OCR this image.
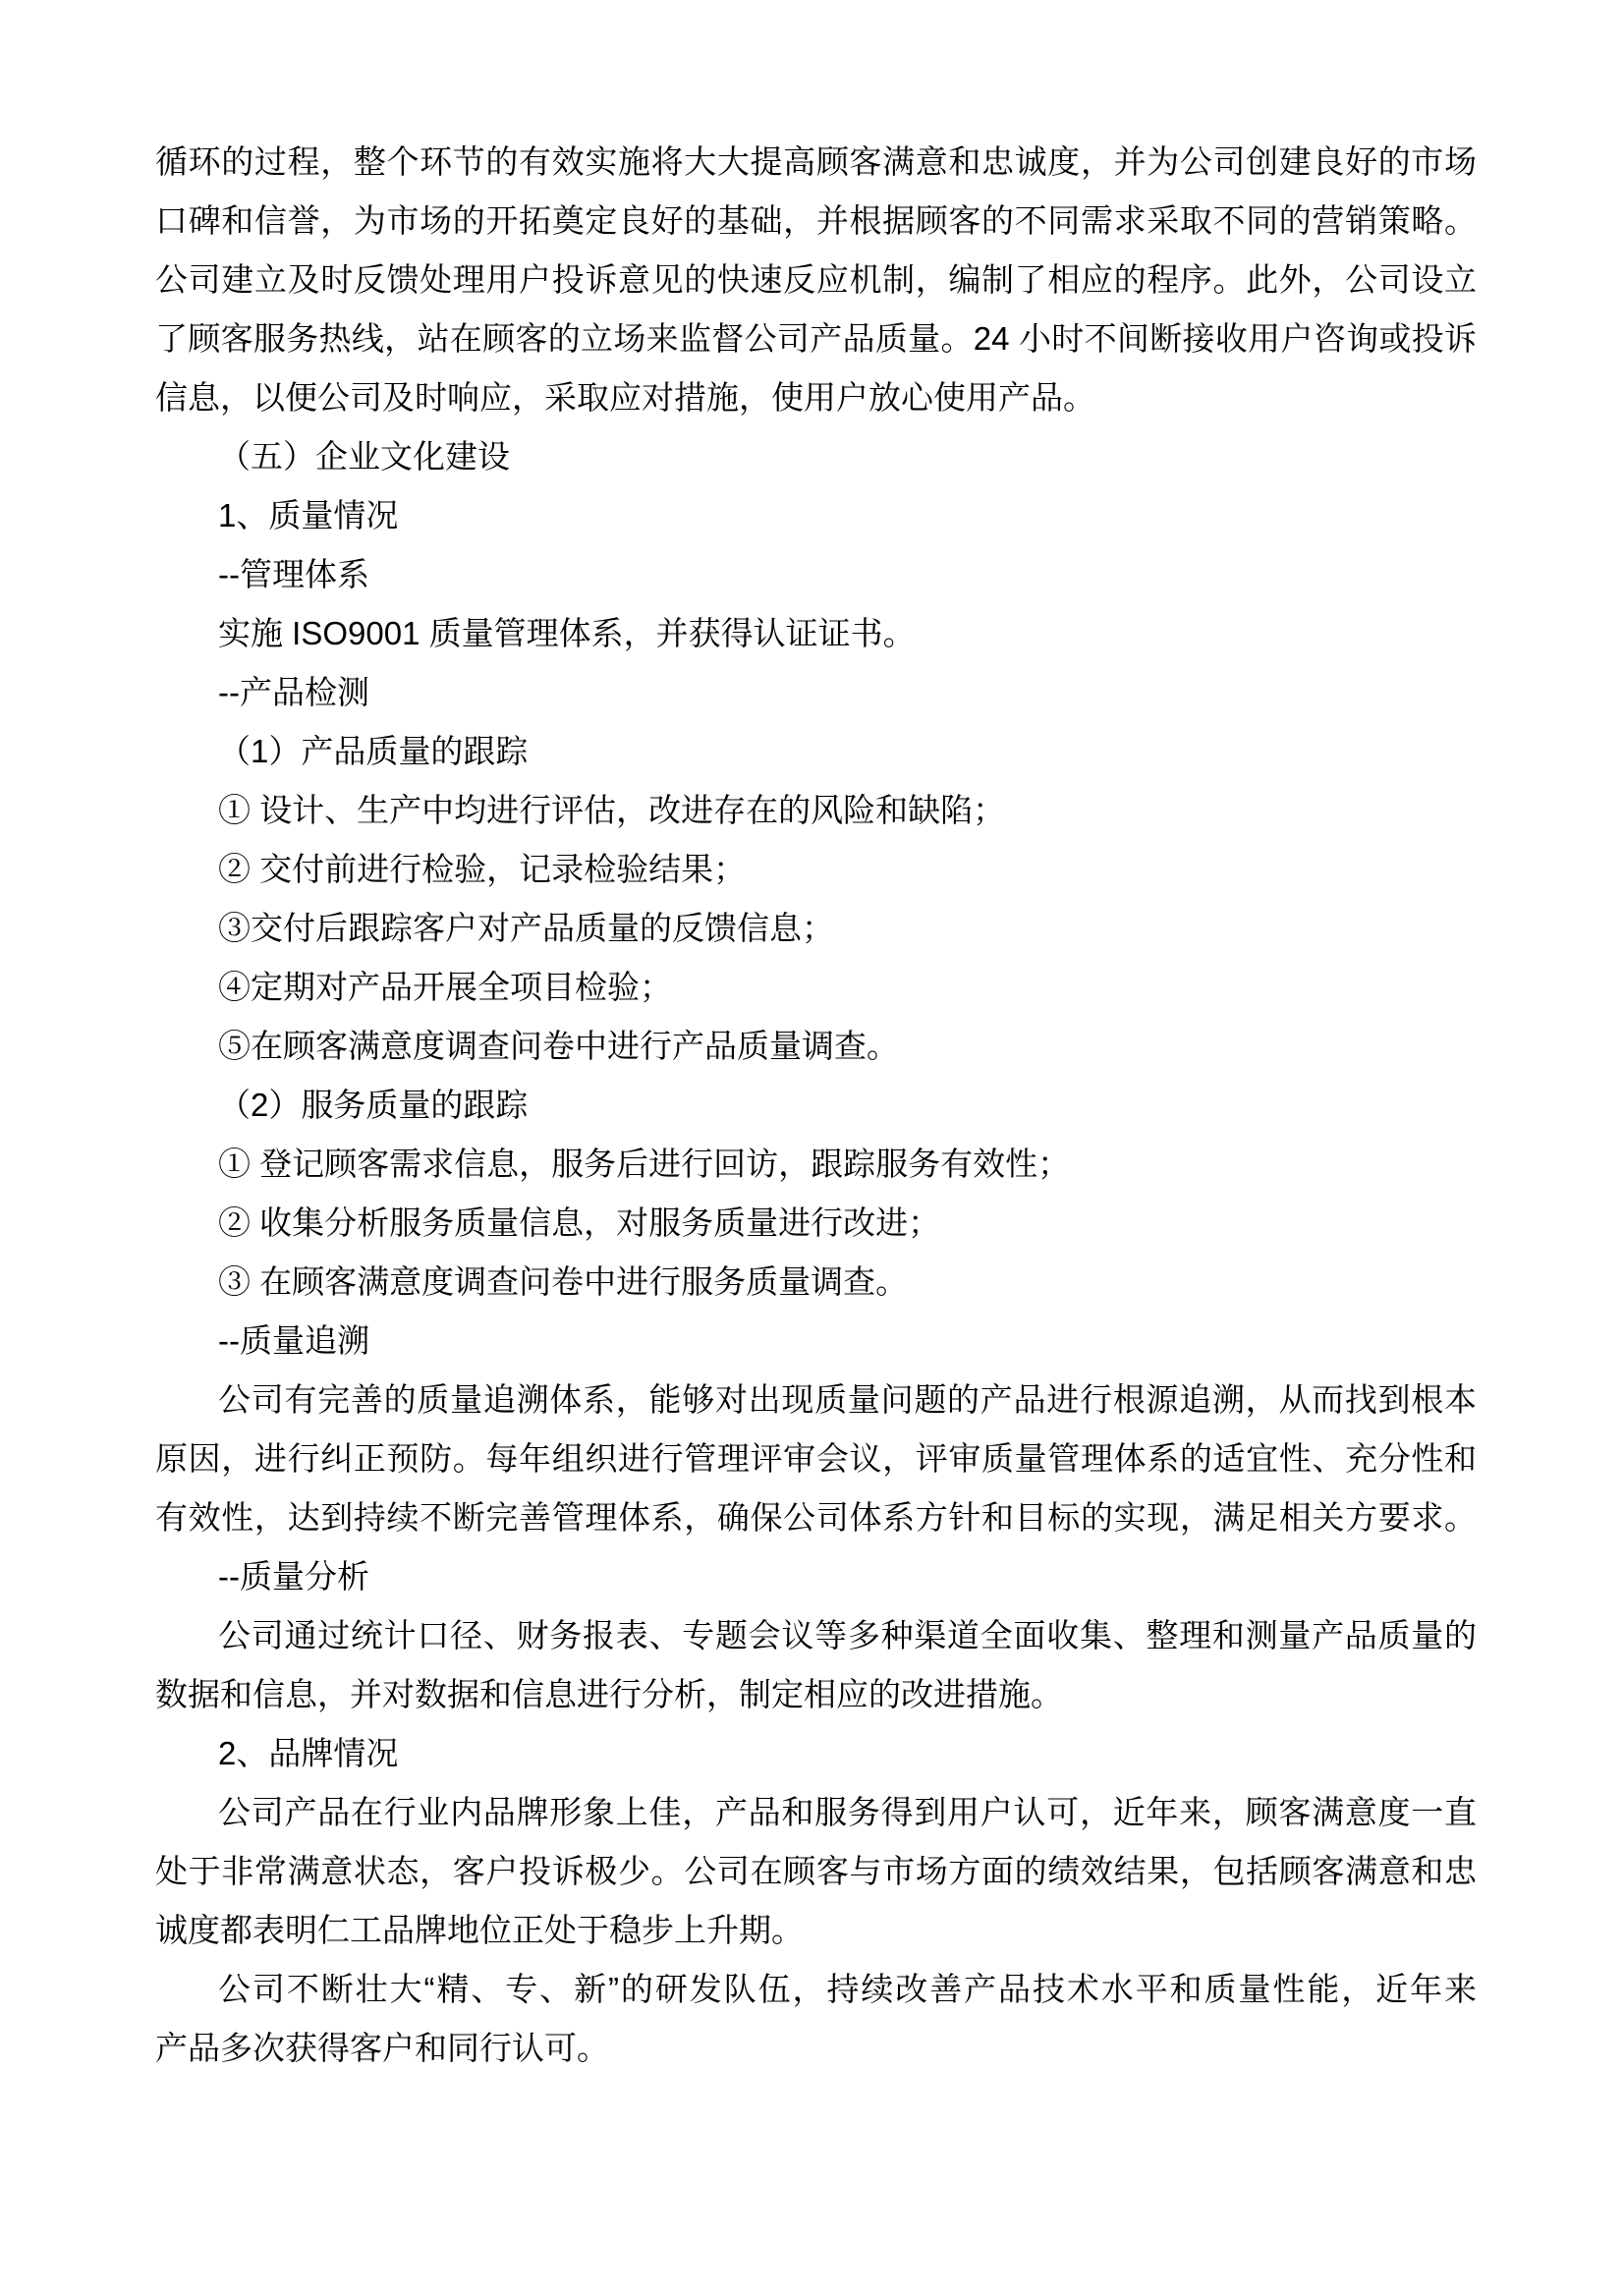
循环的过程，整个环节的有效实施将大大提高顾客满意和忠诚度，并为公司创建良好的市场
口碑和信誉，为市场的开拓奠定良好的基础，并根据顾客的不同需求采取不同的营销策略。
公司建立及时反馈处理用户投诉意见的快速反应机制，编制了相应的程序。此外，公司设立
了顾客服务热线，站在顾客的立场来监督公司产品质量。24 小时不间断接收用户咨询或投诉
信息，以便公司及时响应，采取应对措施，使用户放心使用产品。
（五）企业文化建设
1、质量情况
--管理体系
实施 ISO9001 质量管理体系，并获得认证证书。
--产品检测
（1）产品质量的跟踪
① 设计、生产中均进行评估，改进存在的风险和缺陷；
② 交付前进行检验，记录检验结果；
③交付后跟踪客户对产品质量的反馈信息；
④定期对产品开展全项目检验；
⑤在顾客满意度调查问卷中进行产品质量调查。
（2）服务质量的跟踪
① 登记顾客需求信息，服务后进行回访，跟踪服务有效性；
② 收集分析服务质量信息，对服务质量进行改进；
③ 在顾客满意度调查问卷中进行服务质量调查。
--质量追溯
公司有完善的质量追溯体系，能够对出现质量问题的产品进行根源追溯，从而找到根本
原因，进行纠正预防。每年组织进行管理评审会议，评审质量管理体系的适宜性、充分性和
有效性，达到持续不断完善管理体系，确保公司体系方针和目标的实现，满足相关方要求。
--质量分析
公司通过统计口径、财务报表、专题会议等多种渠道全面收集、整理和测量产品质量的
数据和信息，并对数据和信息进行分析，制定相应的改进措施。
2、品牌情况
公司产品在行业内品牌形象上佳，产品和服务得到用户认可，近年来，顾客满意度一直
处于非常满意状态，客户投诉极少。公司在顾客与市场方面的绩效结果，包括顾客满意和忠
诚度都表明仁工品牌地位正处于稳步上升期。
公司不断壮大“精、专、新”的研发队伍，持续改善产品技术水平和质量性能，近年来
产品多次获得客户和同行认可。
